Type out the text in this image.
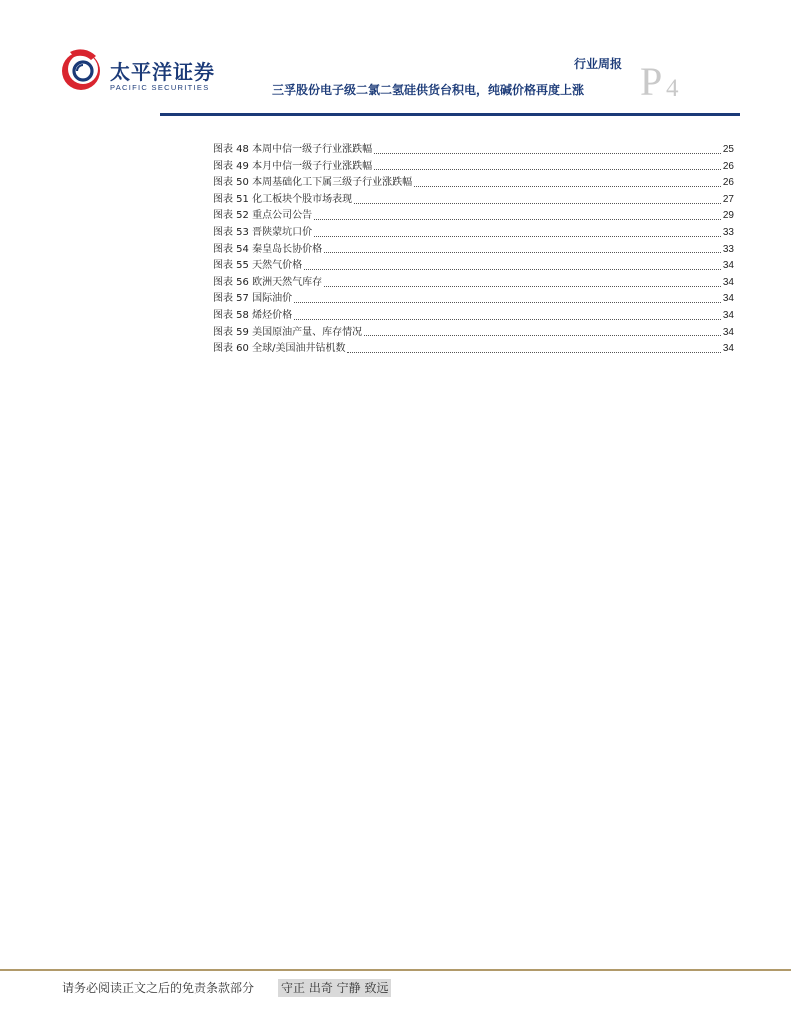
太平洋证券
PACIFIC SECURITIES
行业周报 P 4
三孚股份电子级二氯二氢硅供货台积电，纯碱价格再度上涨
图表 48 本周中信一级子行业涨跌幅	25
图表 49 本月中信一级子行业涨跌幅	26
图表 50 本周基础化工下属三级子行业涨跌幅	26
图表 51 化工板块个股市场表现	27
图表 52 重点公司公告	29
图表 53 晋陕蒙坑口价	33
图表 54 秦皇岛长协价格	33
图表 55 天然气价格	34
图表 56 欧洲天然气库存	34
图表 57 国际油价	34
图表 58 烯烃价格	34
图表 59 美国原油产量、库存情况	34
图表 60 全球/美国油井钻机数	34
请务必阅读正文之后的免责条款部分 守正 出奇 宁静 致远
